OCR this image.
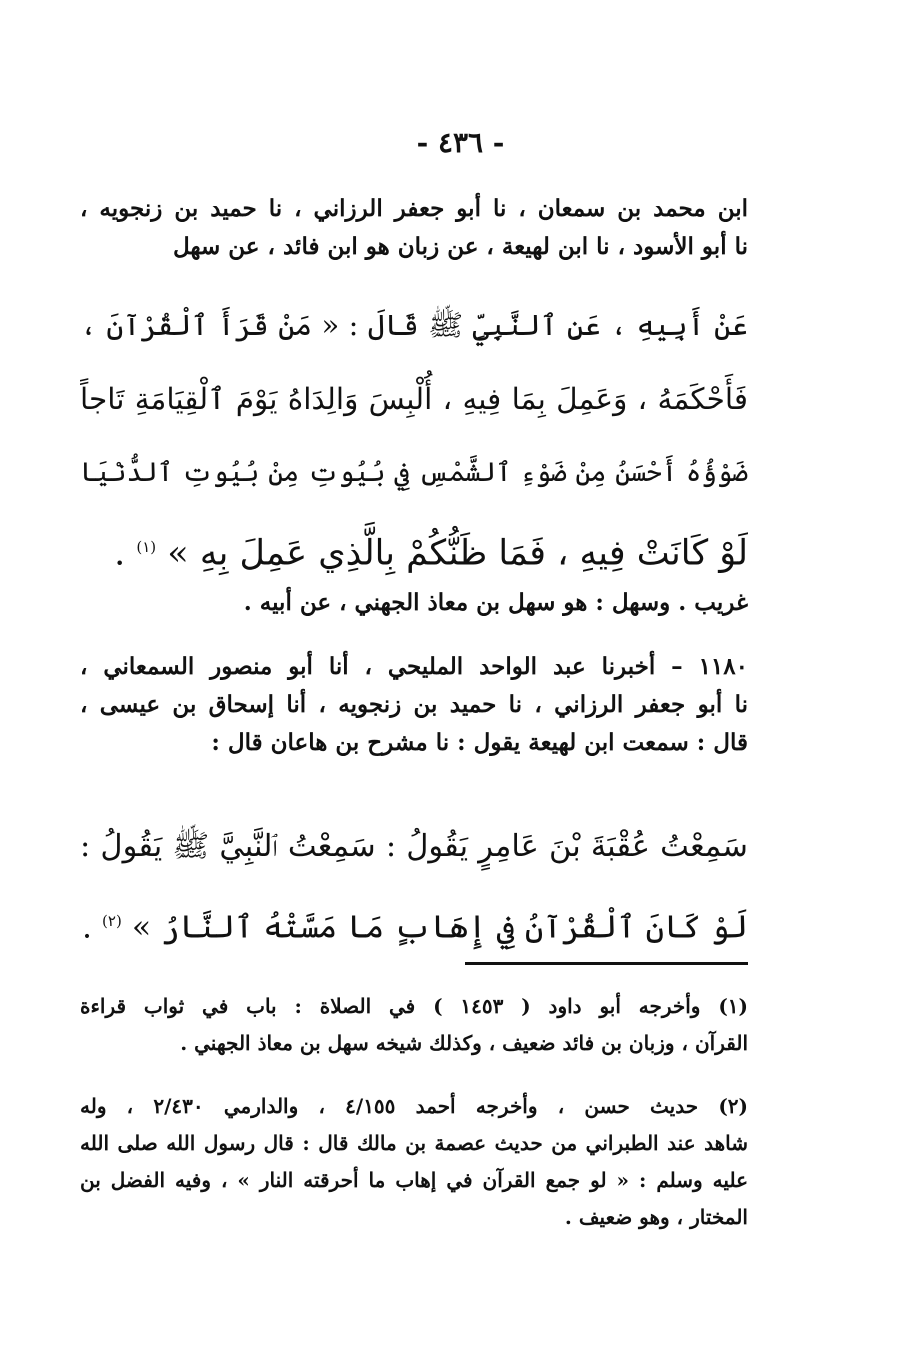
- ٤٣٦ -
ابن محمد بن سمعان ، نا أبو جعفر الرزاني ، نا حميد بن زنجويه ،
نا أبو الأسود ، نا ابن لهيعة ، عن زبان هو ابن فائد ، عن سهل
عَنْ أَبِيهِ ، عَنِ ٱلنَّبِيِّ ﷺ قَالَ : « مَنْ قَرَأَ ٱلْقُرْآنَ ،
فَأَحْكَمَهُ ، وَعَمِلَ بِمَا فِيهِ ، أُلْبِسَ وَالِدَاهُ يَوْمَ ٱلْقِيَامَةِ تَاجاً
ضَوْؤُهُ أَحْسَنُ مِنْ ضَوْءِ ٱلشَّمْسِ فِي بُيُوتِ مِنْ بُيُوتِ ٱلدُّنْيَا
لَوْ كَانَتْ فِيهِ ، فَمَا ظَنُّكُمْ بِالَّذِي عَمِلَ بِهِ » $^{(١)}$ .
غريب . وسهل : هو سهل بن معاذ الجهني ، عن أبيه .
١١٨٠ – أخبرنا عبد الواحد المليحي ، أنا أبو منصور السمعاني ،
نا أبو جعفر الرزاني ، نا حميد بن زنجويه ، أنا إسحاق بن عيسى ،
قال : سمعت ابن لهيعة يقول : نا مشرح بن هاعان قال :
سَمِعْتُ عُقْبَةَ بْنَ عَامِرٍ يَقُولُ : سَمِعْتُ ٱلنَّبِيَّ ﷺ يَقُولُ :
لَوْ كَانَ ٱلْقُرْآنُ فِي إِهَابٍ مَا مَسَّتْهُ ٱلنَّارُ » $^{(٢)}$ .
(١) وأخرجه أبو داود ( ١٤٥٣ ) في الصلاة : باب في ثواب قراءة
القرآن ، وزبان بن فائد ضعيف ، وكذلك شيخه سهل بن معاذ الجهني .
(٢) حديث حسن ، وأخرجه أحمد ٤/١٥٥ ، والدارمي ٢/٤٣٠ ، وله
شاهد عند الطبراني من حديث عصمة بن مالك قال : قال رسول الله صلى الله
عليه وسلم : « لو جمع القرآن في إهاب ما أحرقته النار » ، وفيه الفضل بن
المختار ، وهو ضعيف .
